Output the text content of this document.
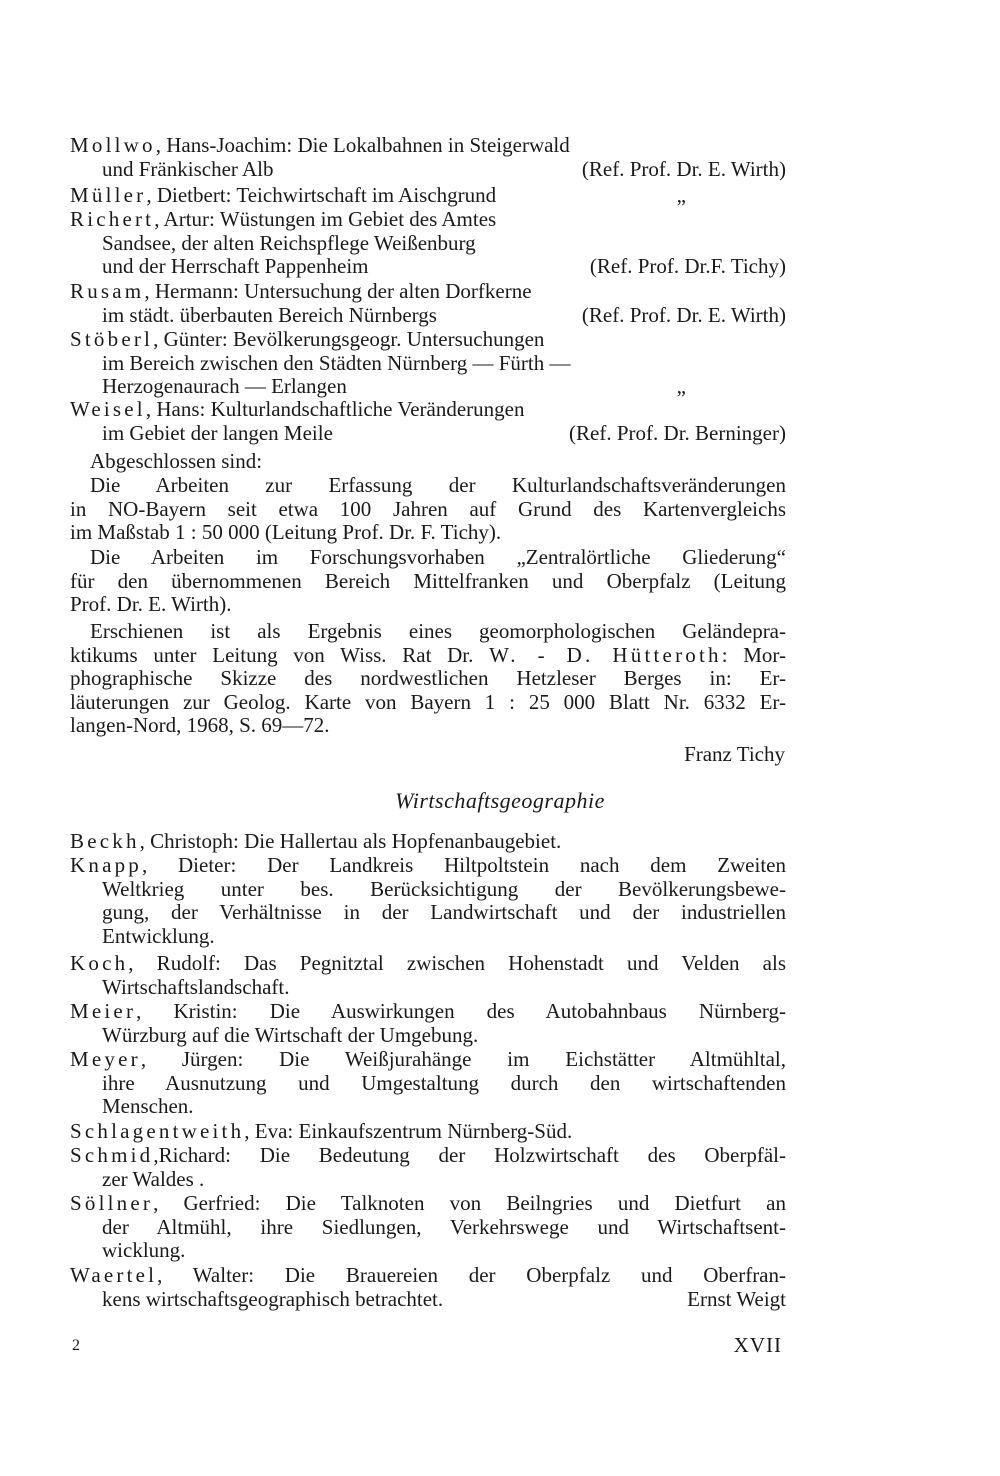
Mollwo, Hans-Joachim: Die Lokalbahnen in Steigerwald
und Fränkischer Alb	(Ref. Prof. Dr. E. Wirth)
Müller, Dietbert: Teichwirtschaft im Aischgrund	„
Richert, Artur: Wüstungen im Gebiet des Amtes
Sandsee, der alten Reichspflege Weißenburg
und der Herrschaft Pappenheim	(Ref. Prof. Dr.F. Tichy)
Rusam, Hermann: Untersuchung der alten Dorfkerne
im städt. überbauten Bereich Nürnbergs	(Ref. Prof. Dr. E. Wirth)
Stöberl, Günter: Bevölkerungsgeogr. Untersuchungen
im Bereich zwischen den Städten Nürnberg — Fürth —
Herzogenaurach — Erlangen	„
Weisel, Hans: Kulturlandschaftliche Veränderungen
im Gebiet der langen Meile	(Ref. Prof. Dr. Berninger)
Abgeschlossen sind:
Die Arbeiten zur Erfassung der Kulturlandschaftsveränderungen
in NO-Bayern seit etwa 100 Jahren auf Grund des Kartenvergleichs
im Maßstab 1 : 50 000 (Leitung Prof. Dr. F. Tichy).
Die Arbeiten im Forschungsvorhaben „Zentralörtliche Gliederung“
für den übernommenen Bereich Mittelfranken und Oberpfalz (Leitung
Prof. Dr. E. Wirth).
Erschienen ist als Ergebnis eines geomorphologischen Geländepra-
ktikums unter Leitung von Wiss. Rat Dr. W. - D. Hütteroth: Mor-
phographische Skizze des nordwestlichen Hetzleser Berges in: Er-
läuterungen zur Geolog. Karte von Bayern 1 : 25 000 Blatt Nr. 6332 Er-
langen-Nord, 1968, S. 69—72.
Franz Tichy
Wirtschaftsgeographie
Beckh, Christoph: Die Hallertau als Hopfenanbaugebiet.
Knapp, Dieter: Der Landkreis Hiltpoltstein nach dem Zweiten
Weltkrieg unter bes. Berücksichtigung der Bevölkerungsbewe-
gung, der Verhältnisse in der Landwirtschaft und der industriellen
Entwicklung.
Koch, Rudolf: Das Pegnitztal zwischen Hohenstadt und Velden als
Wirtschaftslandschaft.
Meier, Kristin: Die Auswirkungen des Autobahnbaus Nürnberg-
Würzburg auf die Wirtschaft der Umgebung.
Meyer, Jürgen: Die Weißjurahänge im Eichstätter Altmühltal,
ihre Ausnutzung und Umgestaltung durch den wirtschaftenden
Menschen.
Schlagentweith, Eva: Einkaufszentrum Nürnberg-Süd.
Schmid,Richard: Die Bedeutung der Holzwirtschaft des Oberpfäl-
zer Waldes .
Söllner, Gerfried: Die Talknoten von Beilngries und Dietfurt an
der Altmühl, ihre Siedlungen, Verkehrswege und Wirtschaftsent-
wicklung.
Waertel, Walter: Die Brauereien der Oberpfalz und Oberfran-
kens wirtschaftsgeographisch betrachtet.	Ernst Weigt
2	XVII
